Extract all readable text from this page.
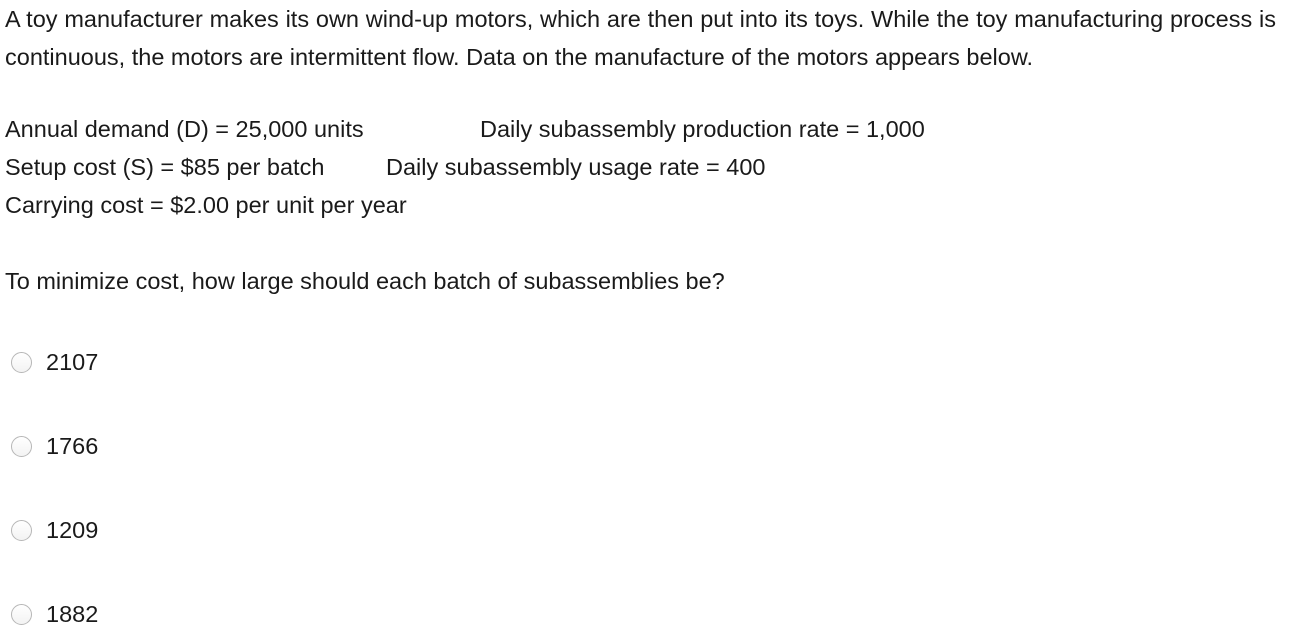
A toy manufacturer makes its own wind-up motors, which are then put into its toys. While the toy manufacturing process is continuous, the motors are intermittent flow. Data on the manufacture of the motors appears below.
Annual demand (D) = 25,000 units	Daily subassembly production rate = 1,000
Setup cost (S) = $85 per batch	Daily subassembly usage rate = 400
Carrying cost = $2.00 per unit per year
To minimize cost, how large should each batch of subassemblies be?
2107
1766
1209
1882
